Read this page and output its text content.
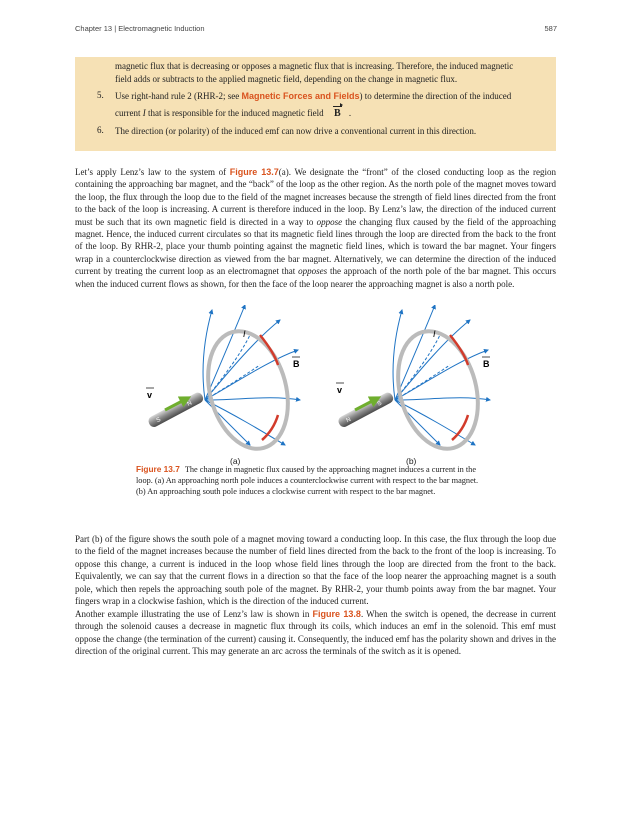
Chapter 13 | Electromagnetic Induction	587

magnetic flux that is decreasing or opposes a magnetic flux that is increasing. Therefore, the induced magnetic
field adds or subtracts to the applied magnetic field, depending on the change in magnetic flux.

5. Use right-hand rule 2 (RHR-2; see Magnetic Forces and Fields) to determine the direction of the induced
current I that is responsible for the induced magnetic field B .

6. The direction (or polarity) of the induced emf can now drive a conventional current in this direction.

Let’s apply Lenz’s law to the system of Figure 13.7(a). We designate the “front” of the closed conducting loop as the region containing the approaching bar magnet, and the “back” of the loop as the other region. As the north pole of the magnet moves toward the loop, the flux through the loop due to the field of the magnet increases because the strength of field lines directed from the front to the back of the loop is increasing. A current is therefore induced in the loop. By Lenz’s law, the direction of the induced current must be such that its own magnetic field is directed in a way to oppose the changing flux caused by the field of the approaching magnet. Hence, the induced current circulates so that its magnetic field lines through the loop are directed from the back to the front of the loop. By RHR-2, place your thumb pointing against the magnetic field lines, which is toward the bar magnet. Your fingers wrap in a counterclockwise direction as viewed from the bar magnet. Alternatively, we can determine the direction of the induced current by treating the current loop as an electromagnet that opposes the approach of the north pole of the bar magnet. This occurs when the induced current flows as shown, for then the face of the loop nearer the approaching magnet is also a north pole.

N
S
v
I
B
S
N
v
I
B
(a)	(b)

Figure 13.7 The change in magnetic flux caused by the approaching magnet induces a current in the loop. (a) An approaching north pole induces a counterclockwise current with respect to the bar magnet. (b) An approaching south pole induces a clockwise current with respect to the bar magnet.

Part (b) of the figure shows the south pole of a magnet moving toward a conducting loop. In this case, the flux through the loop due to the field of the magnet increases because the number of field lines directed from the back to the front of the loop is increasing. To oppose this change, a current is induced in the loop whose field lines through the loop are directed from the front to the back. Equivalently, we can say that the current flows in a direction so that the face of the loop nearer the approaching magnet is a south pole, which then repels the approaching south pole of the magnet. By RHR-2, your thumb points away from the bar magnet. Your fingers wrap in a clockwise fashion, which is the direction of the induced current.

Another example illustrating the use of Lenz’s law is shown in Figure 13.8. When the switch is opened, the decrease in current through the solenoid causes a decrease in magnetic flux through its coils, which induces an emf in the solenoid. This emf must oppose the change (the termination of the current) causing it. Consequently, the induced emf has the polarity shown and drives in the direction of the original current. This may generate an arc across the terminals of the switch as it is opened.
